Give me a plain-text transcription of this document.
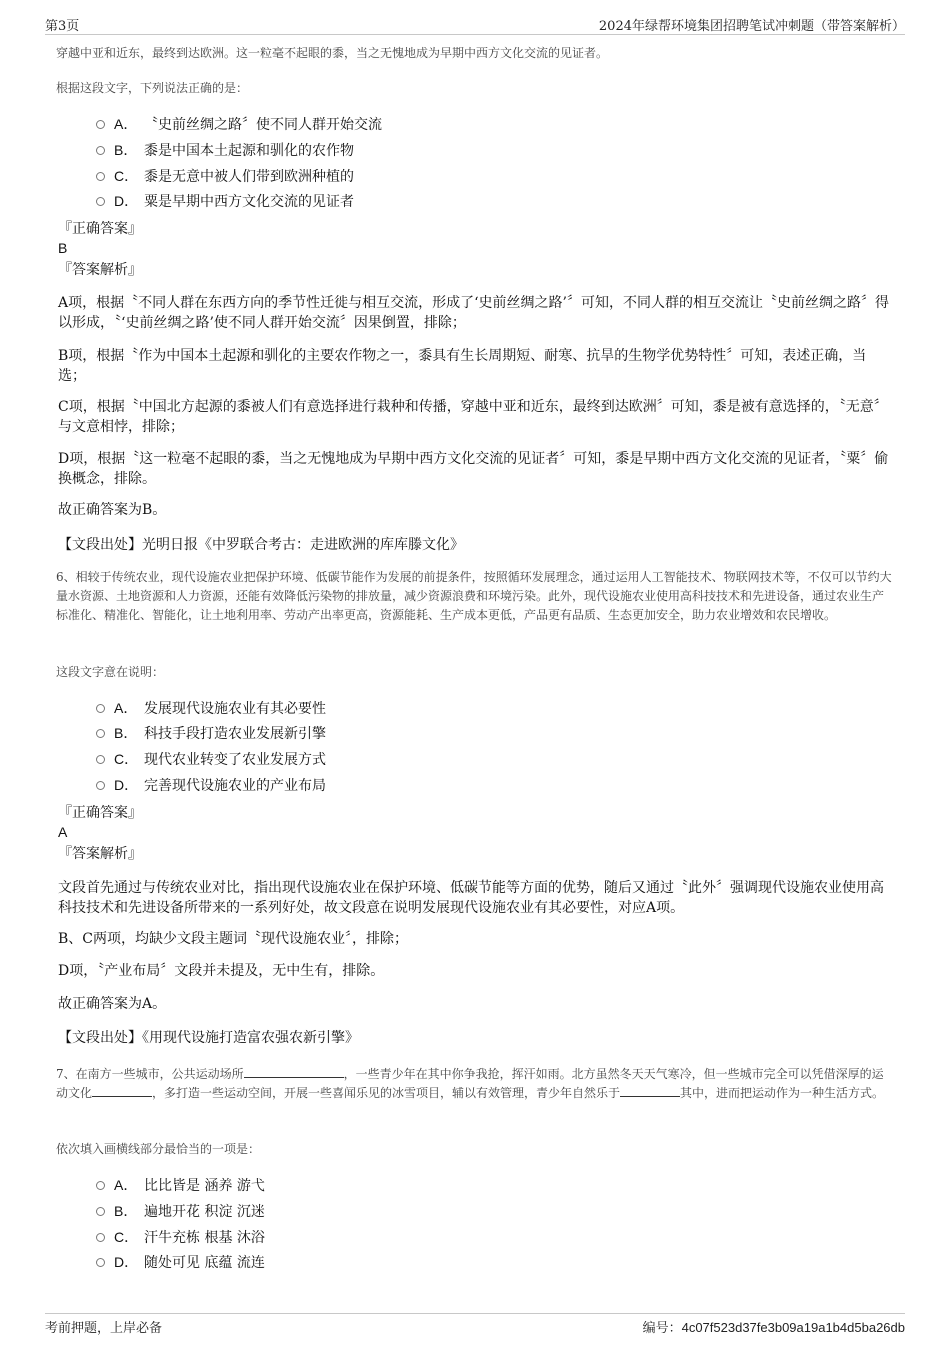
第3页	2024年绿帮环境集团招聘笔试冲刺题（带答案解析）
穿越中亚和近东，最终到达欧洲。这一粒毫不起眼的黍，当之无愧地成为早期中西方文化交流的见证者。
根据这段文字，下列说法正确的是：
A． 〝史前丝绸之路〞使不同人群开始交流
B． 黍是中国本土起源和驯化的农作物
C． 黍是无意中被人们带到欧洲种植的
D． 粟是早期中西方文化交流的见证者
『正确答案』
B
『答案解析』
A项，根据〝不同人群在东西方向的季节性迁徙与相互交流，形成了‘史前丝绸之路’〞可知，不同人群的相互交流让〝史前丝绸之路〞得以形成，〝‘史前丝绸之路’使不同人群开始交流〞因果倒置，排除；
B项，根据〝作为中国本土起源和驯化的主要农作物之一，黍具有生长周期短、耐寒、抗旱的生物学优势特性〞可知，表述正确，当选；
C项，根据〝中国北方起源的黍被人们有意选择进行栽种和传播，穿越中亚和近东，最终到达欧洲〞可知，黍是被有意选择的，〝无意〞与文意相悖，排除；
D项，根据〝这一粒毫不起眼的黍，当之无愧地成为早期中西方文化交流的见证者〞可知，黍是早期中西方文化交流的见证者，〝粟〞偷换概念，排除。
故正确答案为B。
【文段出处】光明日报《中罗联合考古：走进欧洲的库库滕文化》
6、相较于传统农业，现代设施农业把保护环境、低碳节能作为发展的前提条件，按照循环发展理念，通过运用人工智能技术、物联网技术等，不仅可以节约大量水资源、土地资源和人力资源，还能有效降低污染物的排放量，减少资源浪费和环境污染。此外，现代设施农业使用高科技技术和先进设备，通过农业生产标准化、精准化、智能化，让土地利用率、劳动产出率更高，资源能耗、生产成本更低，产品更有品质、生态更加安全，助力农业增效和农民增收。
这段文字意在说明：
A． 发展现代设施农业有其必要性
B． 科技手段打造农业发展新引擎
C． 现代农业转变了农业发展方式
D． 完善现代设施农业的产业布局
『正确答案』
A
『答案解析』
文段首先通过与传统农业对比，指出现代设施农业在保护环境、低碳节能等方面的优势，随后又通过〝此外〞强调现代设施农业使用高科技技术和先进设备所带来的一系列好处，故文段意在说明发展现代设施农业有其必要性，对应A项。
B、C两项，均缺少文段主题词〝现代设施农业〞，排除；
D项，〝产业布局〞文段并未提及，无中生有，排除。
故正确答案为A。
【文段出处】《用现代设施打造富农强农新引擎》
7、在南方一些城市，公共运动场所	，一些青少年在其中你争我抢，挥汗如雨。北方虽然冬天天气寒冷，但一些城市完全可以凭借深厚的运动文化	，多打造一些运动空间，开展一些喜闻乐见的冰雪项目，辅以有效管理，青少年自然乐于	其中，进而把运动作为一种生活方式。
依次填入画横线部分最恰当的一项是：
A． 比比皆是 涵养 游弋
B． 遍地开花 积淀 沉迷
C． 汗牛充栋 根基 沐浴
D． 随处可见 底蕴 流连
考前押题，上岸必备	编号：4c07f523d37fe3b09a19a1b4d5ba26db
